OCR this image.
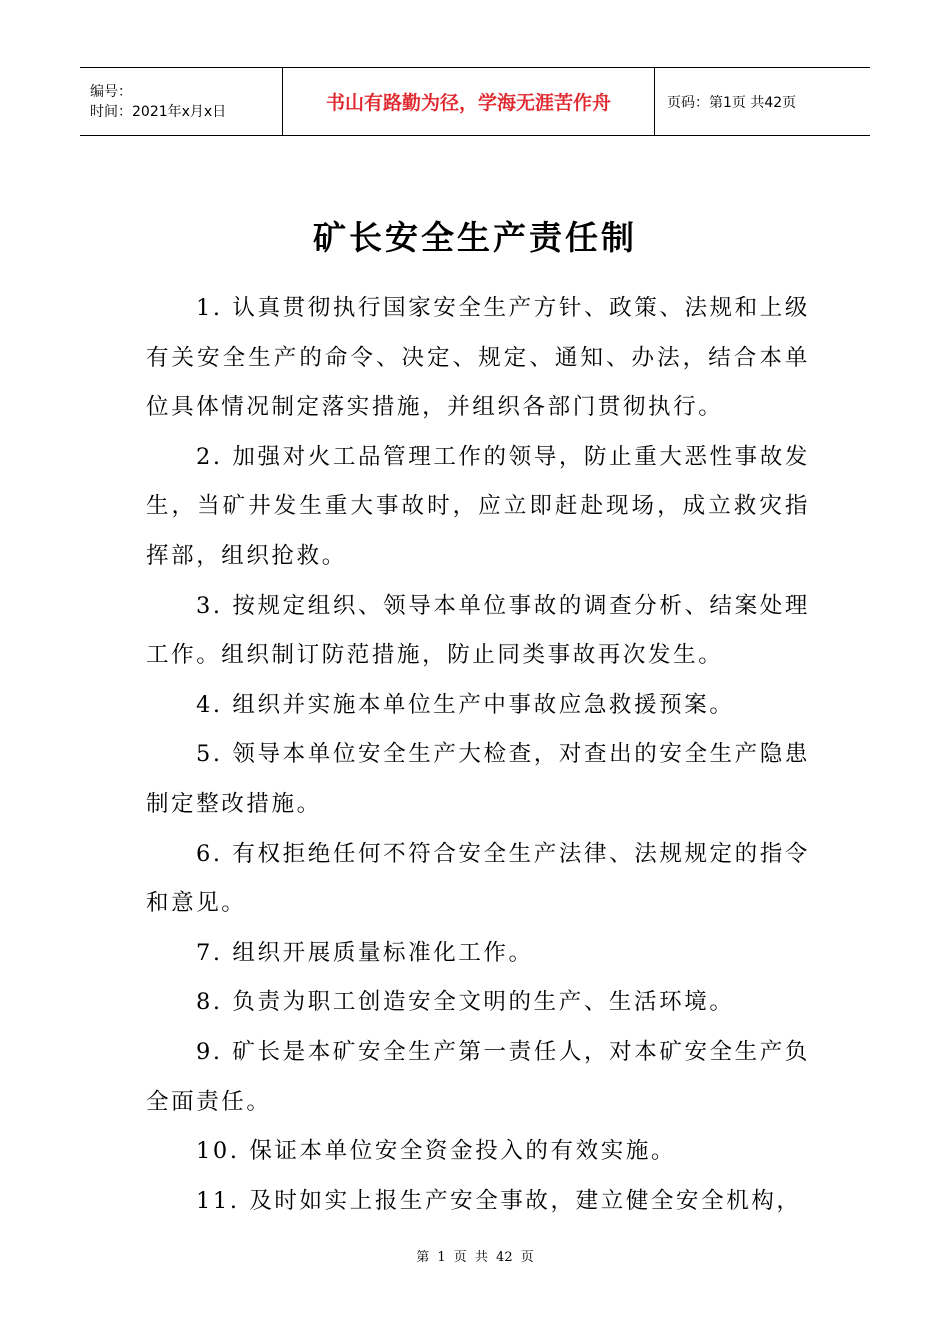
编号：
时间：2021年x月x日	书山有路勤为径，学海无涯苦作舟	页码：第1页 共42页
矿长安全生产责任制

1. 认真贯彻执行国家安全生产方针、政策、法规和上级有关安全生产的命令、决定、规定、通知、办法，结合本单位具体情况制定落实措施，并组织各部门贯彻执行。

2. 加强对火工品管理工作的领导，防止重大恶性事故发生，当矿井发生重大事故时，应立即赶赴现场，成立救灾指挥部，组织抢救。

3. 按规定组织、领导本单位事故的调查分析、结案处理工作。组织制订防范措施，防止同类事故再次发生。

4. 组织并实施本单位生产中事故应急救援预案。

5. 领导本单位安全生产大检查，对查出的安全生产隐患制定整改措施。

6. 有权拒绝任何不符合安全生产法律、法规规定的指令和意见。

7. 组织开展质量标准化工作。

8. 负责为职工创造安全文明的生产、生活环境。

9. 矿长是本矿安全生产第一责任人，对本矿安全生产负全面责任。

10. 保证本单位安全资金投入的有效实施。

11. 及时如实上报生产安全事故，建立健全安全机构，

第 1 页 共 42 页
